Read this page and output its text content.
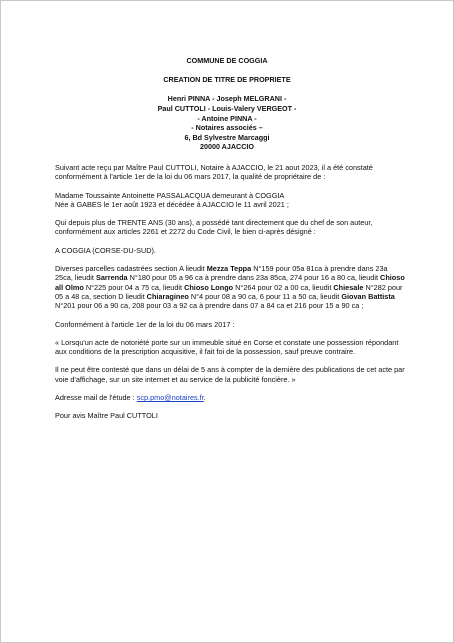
COMMUNE DE COGGIA
CREATION DE TITRE DE PROPRIETE
Henri PINNA - Joseph MELGRANI -
Paul CUTTOLI - Louis-Valery VERGEOT -
- Antoine PINNA -
- Notaires associés –
6, Bd Sylvestre Marcaggi
20000 AJACCIO

Suivant acte reçu par Maître Paul CUTTOLI, Notaire à AJACCIO, le 21 aout 2023, il a été constaté conformément à l'article 1er de la loi du 06 mars 2017, la qualité de propriétaire de :

Madame Toussainte Antoinette PASSALACQUA demeurant à COGGIA
Née à GABES le 1er août 1923 et décédée à AJACCIO le 11 avril 2021 ;

Qui depuis plus de TRENTE ANS (30 ans), a possédé tant directement que du chef de son auteur, conformément aux articles 2261 et 2272 du Code Civil, le bien ci-après désigné :

A COGGIA (CORSE-DU-SUD).

Diverses parcelles cadastrées section A lieudit Mezza Teppa N°159 pour 05a 81ca à prendre dans 23a 25ca, lieudit Sarrenda N°180 pour 05 a 96 ca à prendre dans 23a 85ca, 274 pour 16 a 80 ca, lieudit Chioso all Olmo N°225 pour 04 a 75 ca, lieudit Chioso Longo N°264 pour 02 a 00 ca, lieudit Chiesale N°282 pour 05 a 48 ca, section D lieudit Chiaragineo N°4 pour 08 a 90 ca, 6 pour 11 a 50 ca, lieudit Giovan Battista N°201 pour 06 a 90 ca, 208 pour 03 a 92 ca à prendre dans 07 a 84 ca et 216 pour 15 a 90 ca ;

Conformément à l'article 1er de la loi du 06 mars 2017 :

« Lorsqu'un acte de notoriété porte sur un immeuble situé en Corse et constate une possession répondant aux conditions de la prescription acquisitive, il fait foi de la possession, sauf preuve contraire.

Il ne peut être contesté que dans un délai de 5 ans à compter de la dernière des publications de cet acte par voie d'affichage, sur un site internet et au service de la publicité foncière. »

Adresse mail de l'étude : scp.pmo@notaires.fr.

Pour avis Maître Paul CUTTOLI
